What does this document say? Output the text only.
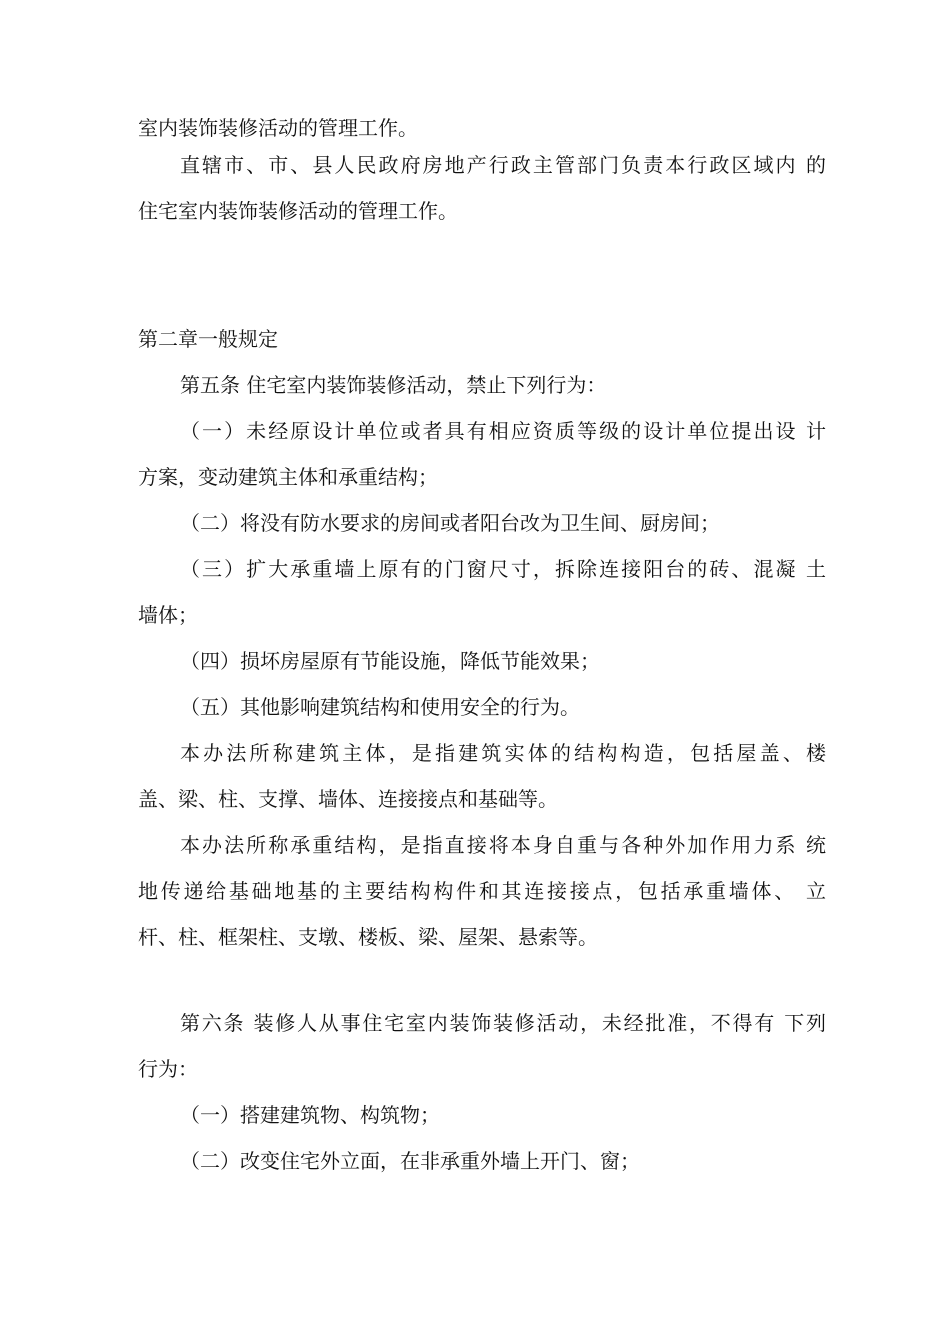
室内装饰装修活动的管理工作。
直辖市、市、县人民政府房地产行政主管部门负责本行政区域内 的
住宅室内装饰装修活动的管理工作。
第二章一般规定
第五条 住宅室内装饰装修活动，禁止下列行为：
（一）未经原设计单位或者具有相应资质等级的设计单位提出设 计
方案，变动建筑主体和承重结构；
（二）将没有防水要求的房间或者阳台改为卫生间、厨房间；
（三）扩大承重墙上原有的门窗尺寸，拆除连接阳台的砖、混凝 土
墙体；
（四）损坏房屋原有节能设施，降低节能效果；
（五）其他影响建筑结构和使用安全的行为。
本办法所称建筑主体，是指建筑实体的结构构造，包括屋盖、楼
盖、梁、柱、支撑、墙体、连接接点和基础等。
本办法所称承重结构，是指直接将本身自重与各种外加作用力系 统
地传递给基础地基的主要结构构件和其连接接点，包括承重墙体、 立
杆、柱、框架柱、支墩、楼板、梁、屋架、悬索等。
第六条 装修人从事住宅室内装饰装修活动，未经批准，不得有 下列
行为：
（一）搭建建筑物、构筑物；
（二）改变住宅外立面，在非承重外墙上开门、窗；
